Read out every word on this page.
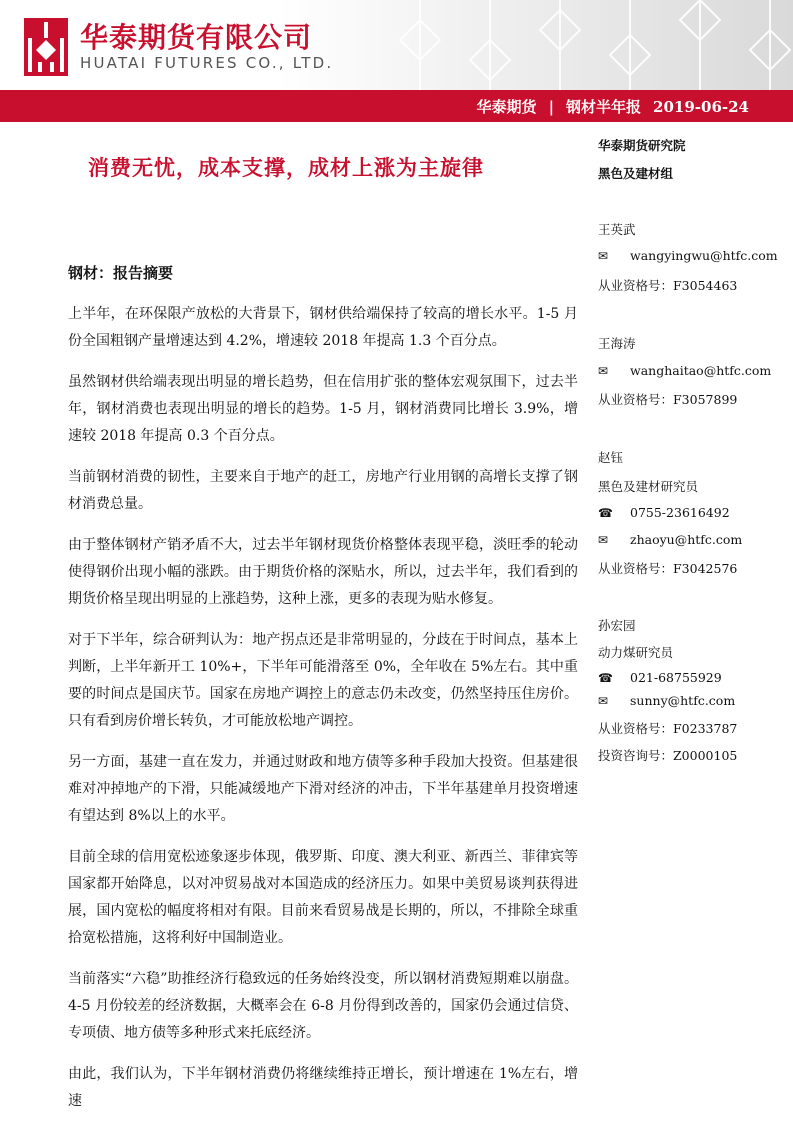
华泰期货有限公司
HUATAI FUTURES CO., LTD.
华泰期货 | 钢材半年报 2019-06-24
消费无忧，成本支撑，成材上涨为主旋律
钢材：报告摘要

上半年，在环保限产放松的大背景下，钢材供给端保持了较高的增长水平。1-5 月份全国粗钢产量增速达到 4.2%，增速较 2018 年提高 1.3 个百分点。

虽然钢材供给端表现出明显的增长趋势，但在信用扩张的整体宏观氛围下，过去半年，钢材消费也表现出明显的增长的趋势。1-5 月，钢材消费同比增长 3.9%，增速较 2018 年提高 0.3 个百分点。

当前钢材消费的韧性，主要来自于地产的赶工，房地产行业用钢的高增长支撑了钢材消费总量。

由于整体钢材产销矛盾不大，过去半年钢材现货价格整体表现平稳，淡旺季的轮动使得钢价出现小幅的涨跌。由于期货价格的深贴水，所以，过去半年，我们看到的期货价格呈现出明显的上涨趋势，这种上涨，更多的表现为贴水修复。

对于下半年，综合研判认为：地产拐点还是非常明显的，分歧在于时间点，基本上判断，上半年新开工 10%+，下半年可能滑落至 0%，全年收在 5%左右。其中重要的时间点是国庆节。国家在房地产调控上的意志仍未改变，仍然坚持压住房价。只有看到房价增长转负，才可能放松地产调控。

另一方面，基建一直在发力，并通过财政和地方债等多种手段加大投资。但基建很难对冲掉地产的下滑，只能减缓地产下滑对经济的冲击，下半年基建单月投资增速有望达到 8%以上的水平。

目前全球的信用宽松迹象逐步体现，俄罗斯、印度、澳大利亚、新西兰、菲律宾等国家都开始降息，以对冲贸易战对本国造成的经济压力。如果中美贸易谈判获得进展，国内宽松的幅度将相对有限。目前来看贸易战是长期的，所以，不排除全球重拾宽松措施，这将利好中国制造业。

当前落实“六稳”助推经济行稳致远的任务始终没变，所以钢材消费短期难以崩盘。4-5 月份较差的经济数据，大概率会在 6-8 月份得到改善的，国家仍会通过信贷、专项债、地方债等多种形式来托底经济。

由此，我们认为，下半年钢材消费仍将继续维持正增长，预计增速在 1%左右，增速

华泰期货研究院
黑色及建材组
王英武
✉ wangyingwu@htfc.com
从业资格号：F3054463
王海涛
✉ wanghaitao@htfc.com
从业资格号：F3057899
赵钰
黑色及建材研究员
☎ 0755-23616492
✉ zhaoyu@htfc.com
从业资格号：F3042576
孙宏园
动力煤研究员
☎ 021-68755929
✉ sunny@htfc.com
从业资格号：F0233787
投资咨询号：Z0000105
